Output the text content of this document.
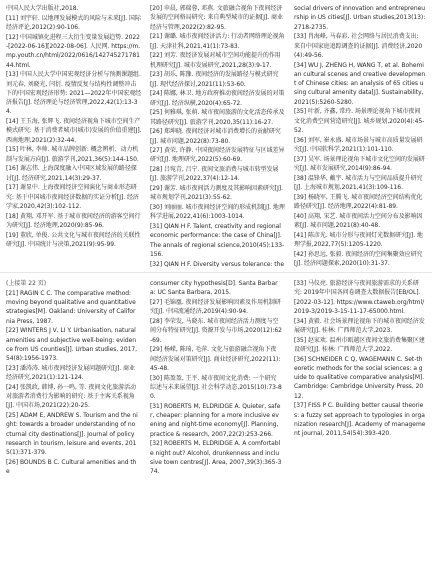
中国人民大学出版社,2018.
[11] 刘宇轩. 以地理发展模式的风险与未来[J]. 国际经济评论,2012(2):90-106.
[12] 中国城镇化进程三大衍生变量发展趋势. 2022-[2022-06-16][2022-08-06]. 人民网. https://m.mp.youth.cn/html/2022/0616/14274527178144.html.
[13] 中国人民大学中国宏观经济分析与预测课题组. 刘元春, 刘晓光, 闫衍. 疫情反复与结构性调整冲击下的中国宏观经济形势: 2021—2022年中国宏观经济报告[J]. 经济理论与经济管理,2022,42(1):13-34.
[14] 王玉海, 张辉飞. 夜间经济视角下城市空间生产模式研究: 基于消费者城市(城市)发展的价值重建[J]. 西南地理,2021(2):32-44.
[15] 叶林, 李帅. 城市品牌创新: 概念辨析、动力机制与发展方向[J]. 旅游学刊,2021,36(5):144-150.
[16] 谢志伟. 上海深度融入中国区域发展的路径探讨[J]. 经济研究,2021,14(3):29-37.
[17] 谢显中. 上海夜间经济空间演化与商业形态研究: 基于中国城市夜间经济数据的实证分析[J]. 经济学家,2020,42(3):102-112.
[18] 黄翔, 邓开军. 基于城市夜间经济的游客空间行为研究[J]. 经济地理,2020(9):85-96.
[19] 董欣, 单俊. 公共文化与城市夜间经济的关联性研究[J]. 中国统计与决策,2021(9):95-99.
[20] 申晨, 郭瑞蓉, 邓燕. 文旅融合视角下夜间经济发展的空间格局研究: 来自典型城市的证据[J]. 商业经济与管理,2022(2):82-95.
[21] 谢璐. 城市夜间经济活力: 行动者网络理论视角[J]. 天津社科,2021,41(1):73-83.
[22] 刘芳. 夜经济发展对城市空间功能提升的作用机理研究[J]. 城市发展研究,2021,28(3):9-17.
[23] 胡乐, 陈豫. 夜间经济的发展路径与模式研究[J]. 现代经济探讨,2021(11):53-60.
[24] 陈娜, 林卫. 地方政府推动夜间经济发展的对策研究[J]. 经济纵横,2020(4):65-72.
[25] 何雅琪, 张萌. 城市夜间旅游的文化活态传承及其路径研究[J]. 旅游学刊,2020,35(11):16-27.
[26] 郑坤晓. 夜间经济对城市消费增长的贡献研究[J]. 城市问题,2022(8):73-80.
[27] 黄荣, 许静. 中国夜间经济发展特征与区域差异研究[J]. 地理研究,2022(5):60-69.
[28] 吕宛青, 吕宁. 夜间文旅消费与城市转型发展[J]. 旅游学刊,2022,37(4):12-14.
[29] 谢芳. 城市夜间活力测度及其影响因素研究[J]. 城市规划学刊,2021(3):55-62.
[30] 刘丽丽. 城市夜间经济空间的形成机制[J]. 地理科学进展,2022,41(6):1003-1014.
[31] QIAN H F. Talent, creativity and regional economic performance: the case of China[J]. The annals of regional science,2010(45):133-156.
[32] QIAN H F. Diversity versus tolerance: the
social drivers of innovation and entrepreneurship in US cities[J]. Urban studies,2013(13):2718-2735.
[33] 肖海峰, 马春彩. 社会网络与居民消费支出: 来自中国家庭追踪调查的证据[J]. 消费经济,2020(4):49-56.
[34] WU J, ZHENG H, WANG T, et al. Bohemian cultural scenes and creative development of Chinese cities: an analysis of 65 cities using cultural amenity data[J]. Sustainability,2021(5):5260-5280.
[35] 叶新, 齐鑫, 常玲. 场景理论视角下城市夜间文化消费空间营造研究[J]. 城乡规划,2020(4):45-52.
[36] 刘军, 崔永盛. 城市场景与城市高质量发展研究[J]. 中国软科学,2021(1):101-110.
[37] 吴军. 场景理论视角下城市文化空间的发展研究[J]. 城市发展研究,2014(9):86-94.
[38] 温锋华, 戴宇. 城市活力与空间品质提升研究[J]. 上海城市规划,2021,41(3):109-116.
[39] 杨晓军, 王腾飞. 城市夜间经济空间结构优化路径研究[J]. 经济地理,2022(4):81-89.
[40] 高翔, 宋艺. 城市夜间活力空间分布及影响因素[J]. 城市问题,2021(8):40-48.
[41] 陈彦光. 城市分形与夜间灯光数据研究[J]. 地理学报,2022,77(5):1205-1220.
[42] 孙思远, 张毅. 夜间经济的空间集聚效应研究[J]. 经济问题探索,2020(10):31-37.
(上接第 22 页)
[21] RAGIN C C. The comparative method: moving beyond qualitative and quantitative strategies[M]. Oakland: University of California Press, 1987.
[22] WINTERS J V, LI Y. Urbanisation, natural amenities and subjective well-being: evidence from US counties[J]. Urban studies, 2017,54(8):1956-1973.
[23] 潘涛涛. 城市夜间经济发展问题研究[J]. 商业经济研究,2021(1):121-124.
[24] 张凯政, 韩博, 孙一鸣, 等. 夜间文化旅游活动对旅游者消费行为影响的研究: 基于主客关系视角[J]. 中国市场,2021(22):20-25.
[25] ADAM E, ANDREW S. Tourism and the night: towards a broader understanding of nocturnal city destinations[J]. Journal of policy research in tourism, leisure and events, 2015(1):371-379.
[26] BOUNDS B C. Cultural amenities and the
consumer city hypothesis[D]. Santa Barbara: UC Santa Barbara, 2015.
[27] 毛锦凰. 夜间经济发展影响因素及作用机制研究[J]. 中国流通经济,2019(4):90-94.
[28] 李荣发, 马晓东. 城市夜间经济活力测度与空间分布特征研究[J]. 资源开发与市场,2020(12):62-69.
[29] 杨嵘, 陈琦, 毛萍. 文化与旅游融合视角下夜间经济发展对策研究[J]. 商业经济研究,2022(11):45-48.
[30] 陈盈盈, 王平. 城市夜间文化消费: 一个研究综述与未来展望[J]. 社会科学动态,2015(10):73-80.
[31] ROBERTS M, ELDRIDGE A. Quieter, safer, cheaper: planning for a more inclusive evening and night-time economy[J]. Planning, practice & research, 2007,22(2):253-266.
[32] ROBERTS M, ELDRIDGE A. A comfortable night out? Alcohol, drunkenness and inclusive town centres[J]. Area, 2007,39(3):365-374.
[33] 马仪亮. 旅游经济与夜间旅游需求的关系研究: 2019年中国各问卷调查大数据报告[EB/OL]. [2022-03-12]. https://www.ctaweb.org/html/2019-3/2019-3-15-11-17-65000.html.
[34] 黄毅. 社会场景理论视角下的城市夜间经济发展研究[J]. 桂林: 广西师范大学,2023.
[35] 赵家欢. 温州市瓯越区夜间文旅消费集聚区建设研究[J]. 桂林: 广西师范大学,2022.
[36] SCHNEIDER C Q, WAGEMANN C. Set-theoretic methods for the social sciences: a guide to qualitative comparative analysis[M]. Cambridge: Cambridge University Press, 2012.
[37] FISS P C. Building better causal theories: a fuzzy set approach to typologies in organization research[J]. Academy of management journal, 2011,54(54):393-420.
